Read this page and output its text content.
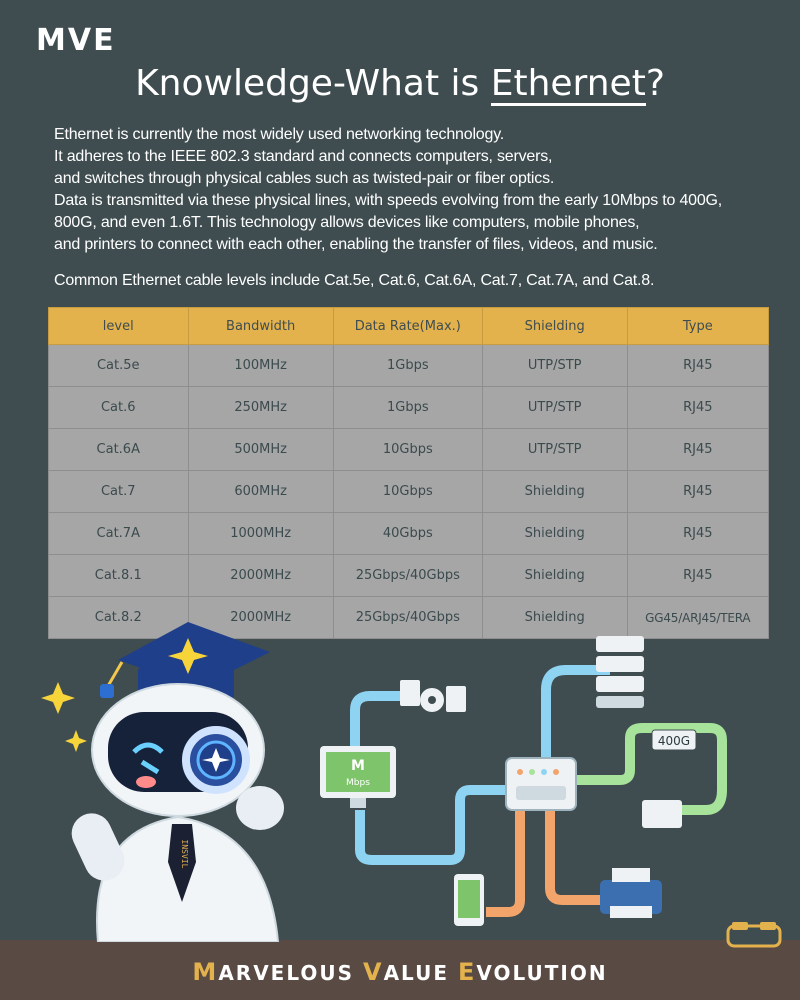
MVE
Knowledge-What is Ethernet?
Ethernet is currently the most widely used networking technology.
It adheres to the IEEE 802.3 standard and connects computers, servers,
and switches through physical cables such as twisted-pair or fiber optics.
Data is transmitted via these physical lines, with speeds evolving from the early 10Mbps to 400G,
800G, and even 1.6T. This technology allows devices like computers, mobile phones,
and printers to connect with each other, enabling the transfer of files, videos, and music.
Common Ethernet cable levels include Cat.5e, Cat.6, Cat.6A, Cat.7, Cat.7A, and Cat.8.
level	Bandwidth	Data Rate(Max.)	Shielding	Type
Cat.5e	100MHz	1Gbps	UTP/STP	RJ45
Cat.6	250MHz	1Gbps	UTP/STP	RJ45
Cat.6A	500MHz	10Gbps	UTP/STP	RJ45
Cat.7	600MHz	10Gbps	Shielding	RJ45
Cat.7A	1000MHz	40Gbps	Shielding	RJ45
Cat.8.1	2000MHz	25Gbps/40Gbps	Shielding	RJ45
Cat.8.2	2000MHz	25Gbps/40Gbps	Shielding	GG45/ARJ45/TERA
INSVIL
M
Mbps
400G
MARVELOUS VALUE EVOLUTION
